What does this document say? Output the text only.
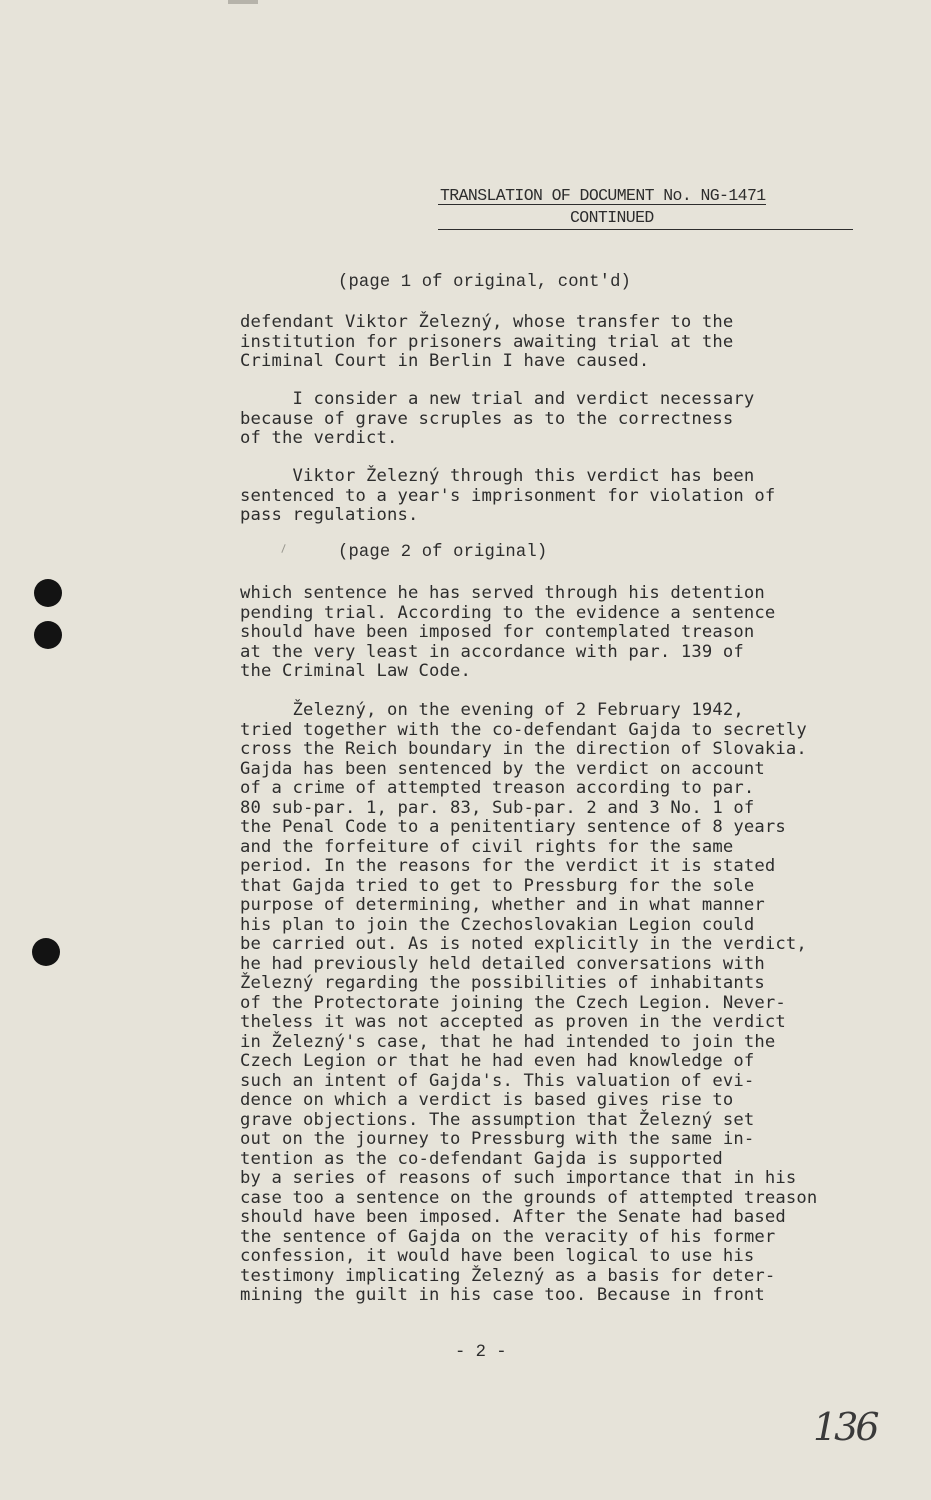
TRANSLATION OF DOCUMENT No. NG-1471
CONTINUED
(page 1 of original, cont'd)
defendant Viktor Železný, whose transfer to the
institution for prisoners awaiting trial at the
Criminal Court in Berlin I have caused.
I consider a new trial and verdict necessary
because of grave scruples as to the correctness
of the verdict.
Viktor Železný through this verdict has been
sentenced to a year's imprisonment for violation of
pass regulations.
(page 2 of original)
which sentence he has served through his detention
pending trial. According to the evidence a sentence
should have been imposed for contemplated treason
at the very least in accordance with par. 139 of
the Criminal Law Code.
Železný, on the evening of 2 February 1942,
tried together with the co-defendant Gajda to secretly
cross the Reich boundary in the direction of Slovakia.
Gajda has been sentenced by the verdict on account
of a crime of attempted treason according to par.
80 sub-par. 1, par. 83, Sub-par. 2 and 3 No. 1 of
the Penal Code to a penitentiary sentence of 8 years
and the forfeiture of civil rights for the same
period. In the reasons for the verdict it is stated
that Gajda tried to get to Pressburg for the sole
purpose of determining, whether and in what manner
his plan to join the Czechoslovakian Legion could
be carried out. As is noted explicitly in the verdict,
he had previously held detailed conversations with
Železný regarding the possibilities of inhabitants
of the Protectorate joining the Czech Legion. Never-
theless it was not accepted as proven in the verdict
in Železný's case, that he had intended to join the
Czech Legion or that he had even had knowledge of
such an intent of Gajda's. This valuation of evi-
dence on which a verdict is based gives rise to
grave objections. The assumption that Železný set
out on the journey to Pressburg with the same in-
tention as the co-defendant Gajda is supported
by a series of reasons of such importance that in his
case too a sentence on the grounds of attempted treason
should have been imposed. After the Senate had based
the sentence of Gajda on the veracity of his former
confession, it would have been logical to use his
testimony implicating Železný as a basis for deter-
mining the guilt in his case too. Because in front
- 2 -
136
